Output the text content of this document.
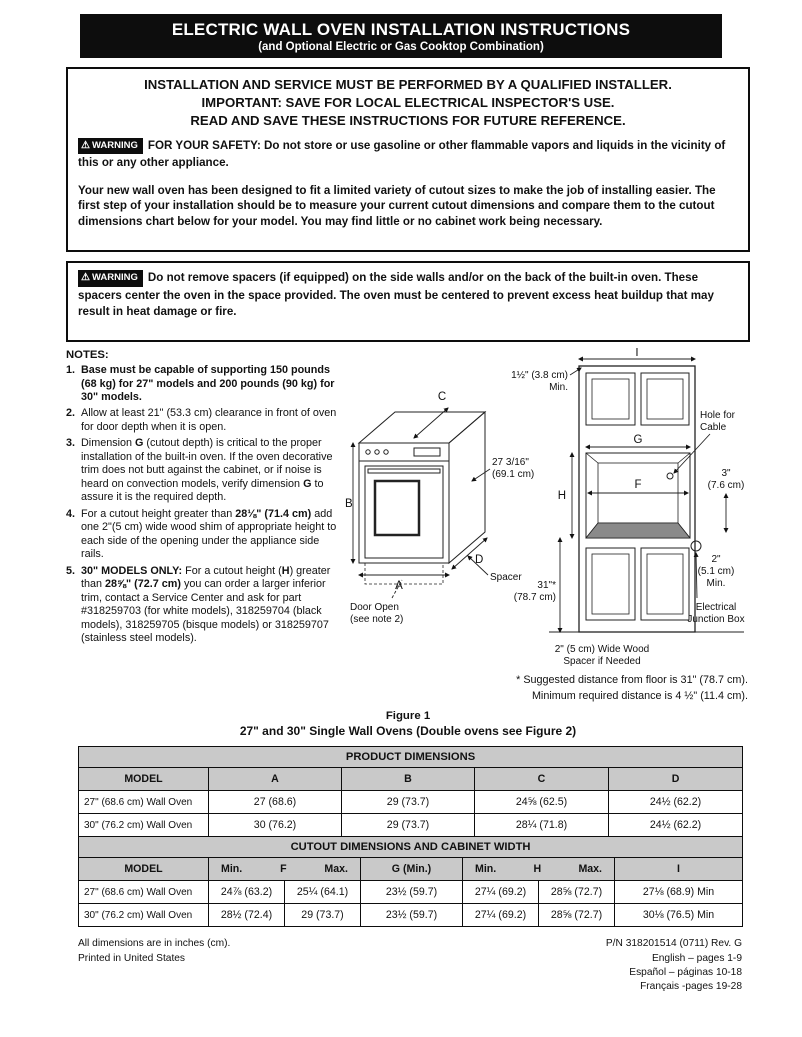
ELECTRIC WALL OVEN INSTALLATION INSTRUCTIONS
(and Optional Electric or Gas Cooktop Combination)
INSTALLATION AND SERVICE MUST BE PERFORMED BY A QUALIFIED INSTALLER.
IMPORTANT: SAVE FOR LOCAL ELECTRICAL INSPECTOR'S USE.
READ AND SAVE THESE INSTRUCTIONS FOR FUTURE REFERENCE.

⚠ WARNING FOR YOUR SAFETY: Do not store or use gasoline or other flammable vapors and liquids in the vicinity of this or any other appliance.

Your new wall oven has been designed to fit a limited variety of cutout sizes to make the job of installing easier. The first step of your installation should be to measure your current cutout dimensions and compare them to the cutout dimensions chart below for your model. You may find little or no cabinet work being necessary.

⚠ WARNING Do not remove spacers (if equipped) on the side walls and/or on the back of the built-in oven. These spacers center the oven in the space provided. The oven must be centered to prevent excess heat buildup that may result in heat damage or fire.

NOTES:
1. Base must be capable of supporting 150 pounds (68 kg) for 27" models and 200 pounds (90 kg) for 30" models.
2. Allow at least 21" (53.3 cm) clearance in front of oven for door depth when it is open.
3. Dimension G (cutout depth) is critical to the proper installation of the built-in oven. If the oven decorative trim does not butt against the cabinet, or if noise is heard on convection models, verify dimension G to assure it is the required depth.
4. For a cutout height greater than 28⅛" (71.4 cm) add one 2"(5 cm) wide wood shim of appropriate height to each side of the opening under the appliance side rails.
5. 30" MODELS ONLY: For a cutout height (H) greater than 28⅝" (72.7 cm) you can order a larger inferior trim, contact a Service Center and ask for part #318259703 (for white models), 318259704 (black models), 318259705 (bisque models) or 318259707 (stainless steel models).
C
B
A
D
27 3/16"
(69.1 cm)
Door Open
(see note 2)
Spacer
I
G
F
H
1½" (3.8 cm)
Min.
Hole for
Cable
3"
(7.6 cm)
31"*
(78.7 cm)
2"
(5.1 cm)
Min.
Electrical
Junction Box
2" (5 cm) Wide Wood
Spacer if Needed
* Suggested distance from floor is 31" (78.7 cm).
Minimum required distance is 4 ½" (11.4 cm).
Figure 1
27" and 30" Single Wall Ovens (Double ovens see Figure 2)
PRODUCT DIMENSIONS				
MODEL	A	B	C	D
27" (68.6 cm) Wall Oven	27 (68.6)	29 (73.7)	24⅝ (62.5)	24½ (62.2)
30" (76.2 cm) Wall Oven	30 (76.2)	29 (73.7)	28¼ (71.8)	24½ (62.2)
CUTOUT DIMENSIONS AND CABINET WIDTH						
MODEL	Min. F Max.		G (Min.)	Min. H Max.		I
27" (68.6 cm) Wall Oven	24⅞ (63.2)	25¼ (64.1)	23½ (59.7)	27¼ (69.2)	28⅝ (72.7)	27⅛ (68.9) Min
30" (76.2 cm) Wall Oven	28½ (72.4)	29 (73.7)	23½ (59.7)	27¼ (69.2)	28⅝ (72.7)	30⅛ (76.5) Min
All dimensions are in inches (cm).
Printed in United States
P/N 318201514 (0711) Rev. G
English – pages 1-9
Español – páginas 10-18
Français -pages 19-28
